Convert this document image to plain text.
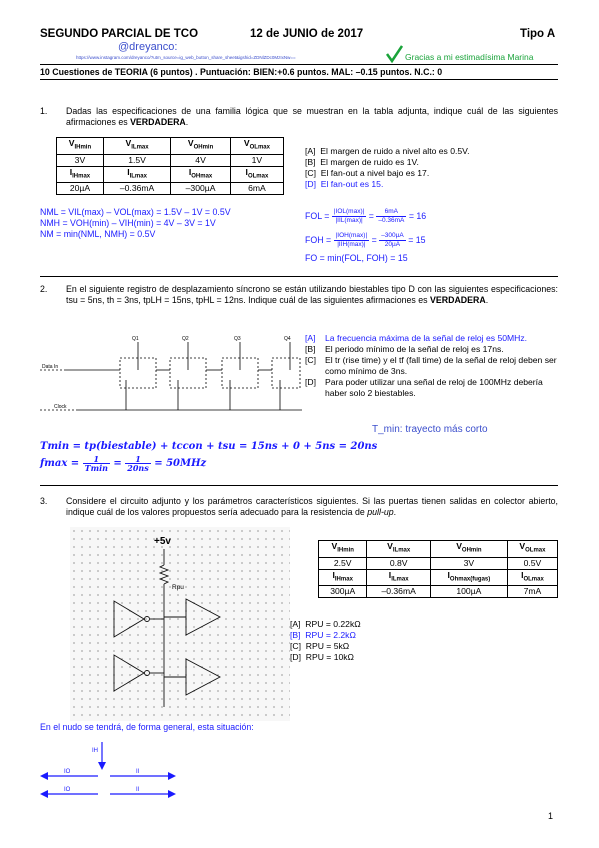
SEGUNDO PARCIAL DE TCO	12 de JUNIO de 2017	Tipo A
@dreyanco:
https://www.instagram.com/dreyanco/?utm_source=ig_web_button_share_sheet&igshid=ZDNlZDc0MzIxNw==	Gracias a mi estimadísima Marina
10 Cuestiones de TEORIA (6 puntos) . Puntuación: BIEN:+0.6 puntos. MAL: –0.15 puntos. N.C.: 0
1. Dadas las especificaciones de una familia lógica que se muestran en la tabla adjunta, indique cuál de las siguientes afirmaciones es VERDADERA.
$V_{IHmin}$	$V_{ILmax}$	$V_{OHmin}$	$V_{OLmax}$
3V	1.5V	4V	1V
$I_{IHmax}$	$I_{ILmax}$	$I_{OHmax}$	$I_{OLmax}$
20µA	–0.36mA	–300µA	6mA
[A] El margen de ruido a nivel alto es 0.5V.
[B] El margen de ruido es 1V.
[C] El fan-out a nivel bajo es 17.
[D] El fan-out es 15.
NML = VIL(max) – VOL(max) = 1.5V – 1V = 0.5V
NMH = VOH(min) – VIH(min) = 4V – 3V = 1V
NM = min(NML, NMH) = 0.5V
FOL = $\frac{\text{|IOL(max)|}}{\text{|IIL(max)|}} = \frac{6mA}{-0.36mA} = 16$
FOH = $\frac{\text{|IOH(max)|}}{\text{|IIH(max)|}} = \frac{\text{–300µA}}{\text{20µA}} = 15$
FO = min(FOL, FOH) = 15
2. En el siguiente registro de desplazamiento síncrono se están utilizando biestables tipo D con las siguientes especificaciones: tsu = 5ns, th = 3ns, tpLH = 15ns, tpHL = 12ns. Indique cuál de las siguientes afirmaciones es VERDADERA.
Q1	Q2	Q3	Q4
Data In
Clock
[A]	La frecuencia máxima de la señal de reloj es 50MHz.
[B]	El periodo mínimo de la señal de reloj es 17ns.
[C]	El tr (rise time) y el tf (fall time) de la señal de reloj deben ser como mínimo de 3ns.
[D]	Para poder utilizar una señal de reloj de 100MHz debería haber solo 2 biestables.
T_min: trayecto más corto
Tmin = tp(biestable) + tccon + tsu = 15ns + 0 + 5ns = 20ns
$fmax = \frac{1}{Tmin} = \frac{1}{20ns} = 50MHz$
3. Considere el circuito adjunto y los parámetros característicos siguientes. Si las puertas tienen salidas en colector abierto, indique cuál de los valores propuestos sería adecuado para la resistencia de pull-up.
+5v
Rpu
$V_{IHmin}$	$V_{ILmax}$	$V_{OHmin}$	$V_{OLmax}$
2.5V	0.8V	3V	0.5V
$I_{IHmax}$	$I_{ILmax}$	$I_{Ohmax(fugas)}$	$I_{OLmax}$
300µA	–0.36mA	100µA	7mA
[A] RPU = 0.22kΩ
[B] RPU = 2.2kΩ
[C] RPU = 5kΩ
[D] RPU = 10kΩ
En el nudo se tendrá, de forma general, esta situación:
IH
IO	II
IO	II
1
